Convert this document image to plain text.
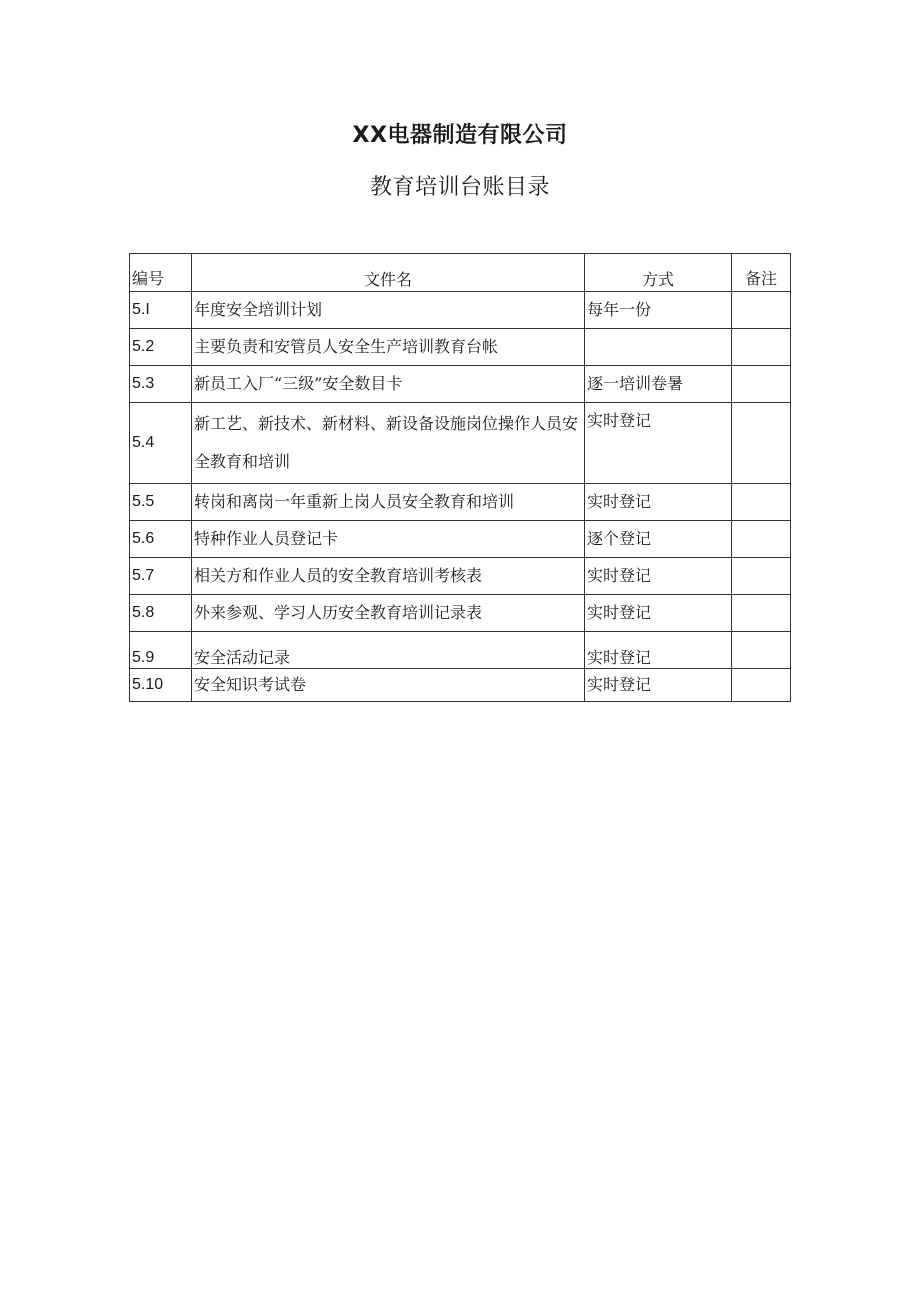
XX电器制造有限公司
教育培训台账目录
编号	文件名	方式	备注
5.I	年度安全培训计划	每年一份	
5.2	主要负责和安管员人安全生产培训教育台帐		
5.3	新员工入厂“三级”安全数目卡	逐一培训卷暑	
5.4	新工艺、新技术、新材料、新设备设施岗位操作人员安全教育和培训	实时登记	
5.5	转岗和离岗一年重新上岗人员安全教育和培训	实时登记	
5.6	特种作业人员登记卡	逐个登记	
5.7	相关方和作业人员的安全教育培训考核表	实时登记	
5.8	外来参观、学习人历安全教育培训记录表	实时登记	
5.9	安全活动记录	实时登记	
5.10	安全知识考试卷	实时登记	
